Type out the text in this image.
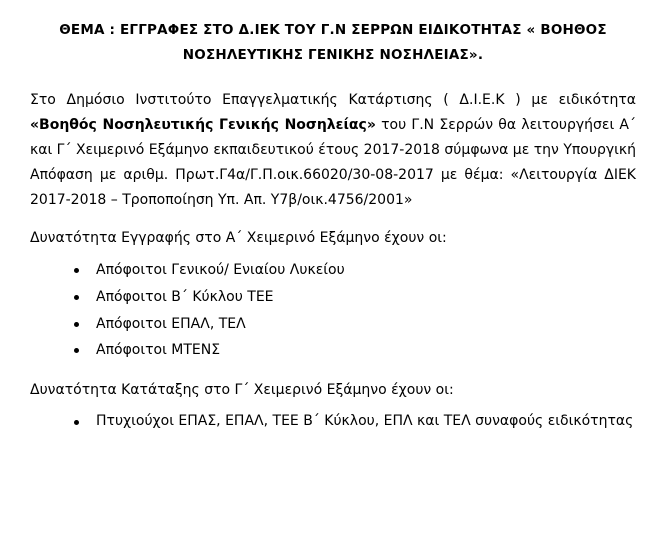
ΘΕΜΑ : ΕΓΓΡΑΦΕΣ ΣΤΟ Δ.ΙΕΚ ΤΟΥ Γ.Ν ΣΕΡΡΩΝ ΕΙΔΙΚΟΤΗΤΑΣ « ΒΟΗΘΟΣ
ΝΟΣΗΛΕΥΤΙΚΗΣ ΓΕΝΙΚΗΣ ΝΟΣΗΛΕΙΑΣ».

Στο Δημόσιο Ινστιτούτο Επαγγελματικής Κατάρτισης ( Δ.Ι.Ε.Κ ) με ειδικότητα «Βοηθός Νοσηλευτικής Γενικής Νοσηλείας» του Γ.Ν Σερρών θα λειτουργήσει Α΄ και Γ΄ Χειμερινό Εξάμηνο εκπαιδευτικού έτους 2017-2018 σύμφωνα με την Υπουργική Απόφαση με αριθμ. Πρωτ.Γ4α/Γ.Π.οικ.66020/30-08-2017 με θέμα: «Λειτουργία ΔΙΕΚ 2017-2018 – Τροποποίηση Υπ. Απ. Υ7β/οικ.4756/2001»

Δυνατότητα Εγγραφής στο Α΄ Χειμερινό Εξάμηνο έχουν οι:

Απόφοιτοι Γενικού/ Ενιαίου Λυκείου
Απόφοιτοι Β΄ Κύκλου ΤΕΕ
Απόφοιτοι ΕΠΑΛ, ΤΕΛ
Απόφοιτοι ΜΤΕΝΣ

Δυνατότητα Κατάταξης στο Γ΄ Χειμερινό Εξάμηνο έχουν οι:

Πτυχιούχοι ΕΠΑΣ, ΕΠΑΛ, ΤΕΕ Β΄ Κύκλου, ΕΠΛ και ΤΕΛ συναφούς ειδικότητας
